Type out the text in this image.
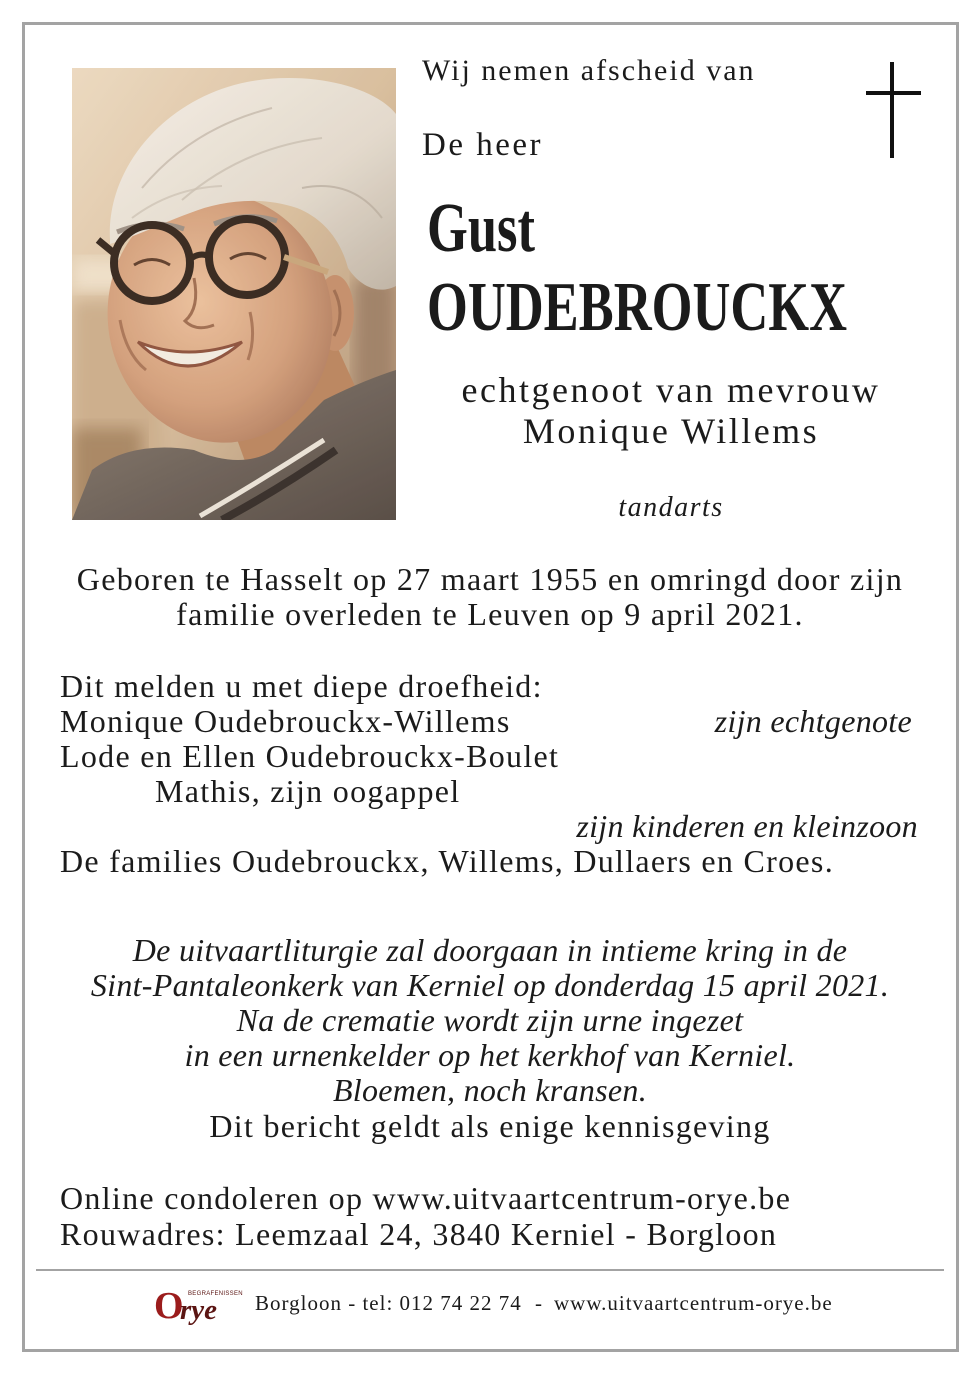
Wij nemen afscheid van
De heer
Gust
OUDEBROUCKX
echtgenoot van mevrouw
Monique Willems
tandarts
Geboren te Hasselt op 27 maart 1955 en omringd door zijn
familie overleden te Leuven op 9 april 2021.
Dit melden u met diepe droefheid:
Monique Oudebrouckx-Willems	zijn echtgenote
Lode en Ellen Oudebrouckx-Boulet
Mathis, zijn oogappel
zijn kinderen en kleinzoon
De families Oudebrouckx, Willems, Dullaers en Croes.
De uitvaartliturgie zal doorgaan in intieme kring in de
Sint-Pantaleonkerk van Kerniel op donderdag 15 april 2021.
Na de crematie wordt zijn urne ingezet
in een urnenkelder op het kerkhof van Kerniel.
Bloemen, noch kransen.
Dit bericht geldt als enige kennisgeving
Online condoleren op www.uitvaartcentrum-orye.be
Rouwadres: Leemzaal 24, 3840 Kerniel - Borgloon
O
rye
BEGRAFENISSEN Borgloon - tel: 012 74 22 74 - www.uitvaartcentrum-orye.be
